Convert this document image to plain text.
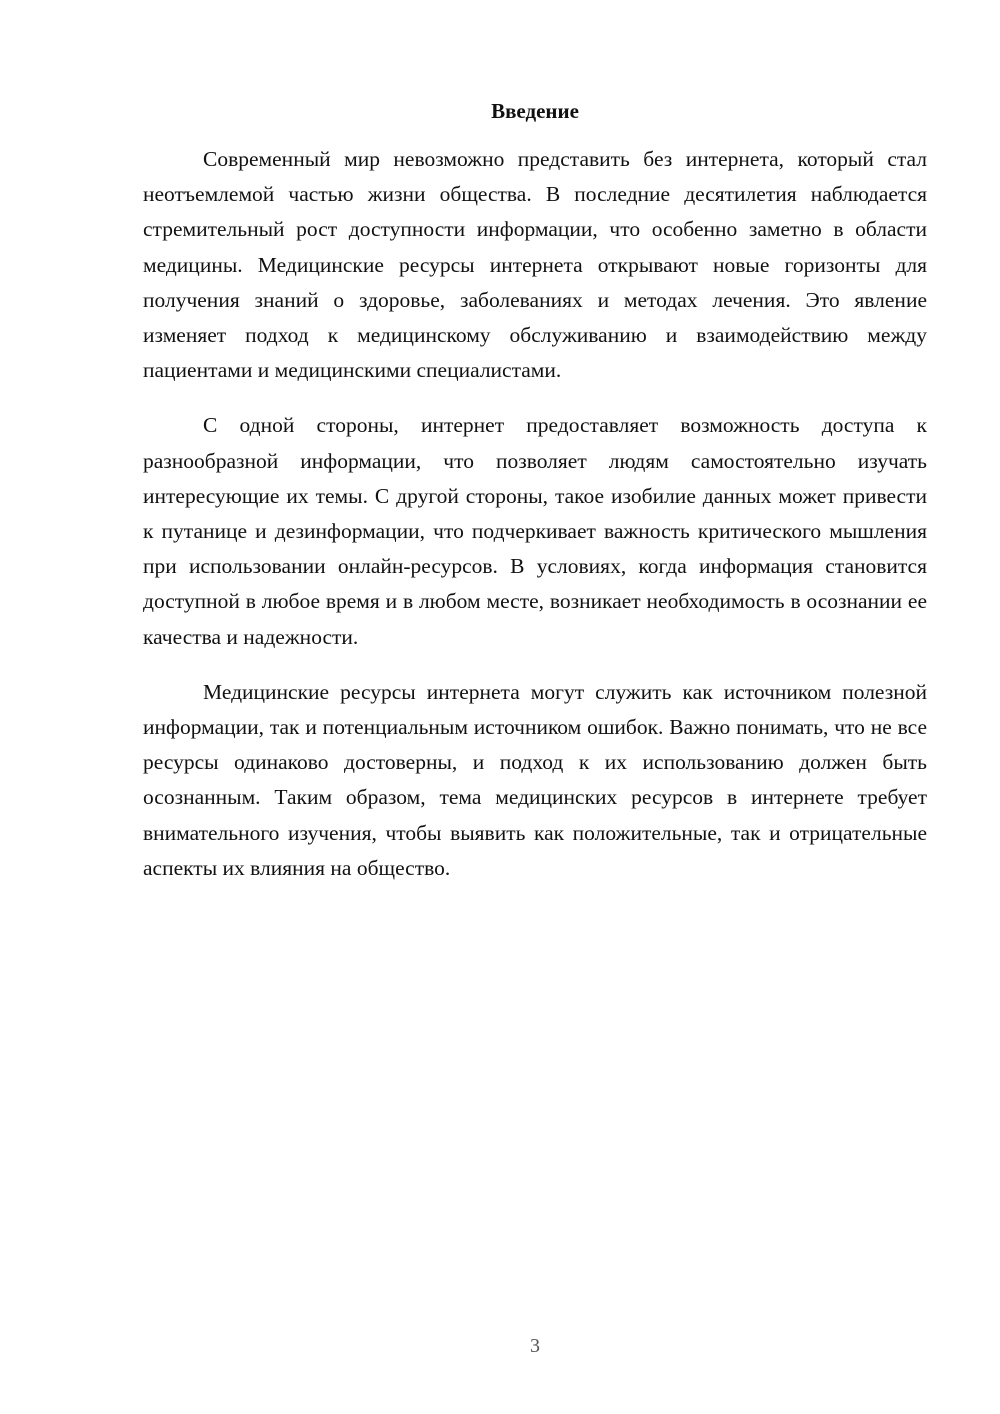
Введение

Современный мир невозможно представить без интернета, который стал неотъемлемой частью жизни общества. В последние десятилетия наблюдается стремительный рост доступности информации, что особенно заметно в области медицины. Медицинские ресурсы интернета открывают новые горизонты для получения знаний о здоровье, заболеваниях и методах лечения. Это явление изменяет подход к медицинскому обслуживанию и взаимодействию между пациентами и медицинскими специалистами.

С одной стороны, интернет предоставляет возможность доступа к разнообразной информации, что позволяет людям самостоятельно изучать интересующие их темы. С другой стороны, такое изобилие данных может привести к путанице и дезинформации, что подчеркивает важность критического мышления при использовании онлайн-ресурсов. В условиях, когда информация становится доступной в любое время и в любом месте, возникает необходимость в осознании ее качества и надежности.

Медицинские ресурсы интернета могут служить как источником полезной информации, так и потенциальным источником ошибок. Важно понимать, что не все ресурсы одинаково достоверны, и подход к их использованию должен быть осознанным. Таким образом, тема медицинских ресурсов в интернете требует внимательного изучения, чтобы выявить как положительные, так и отрицательные аспекты их влияния на общество.

3
